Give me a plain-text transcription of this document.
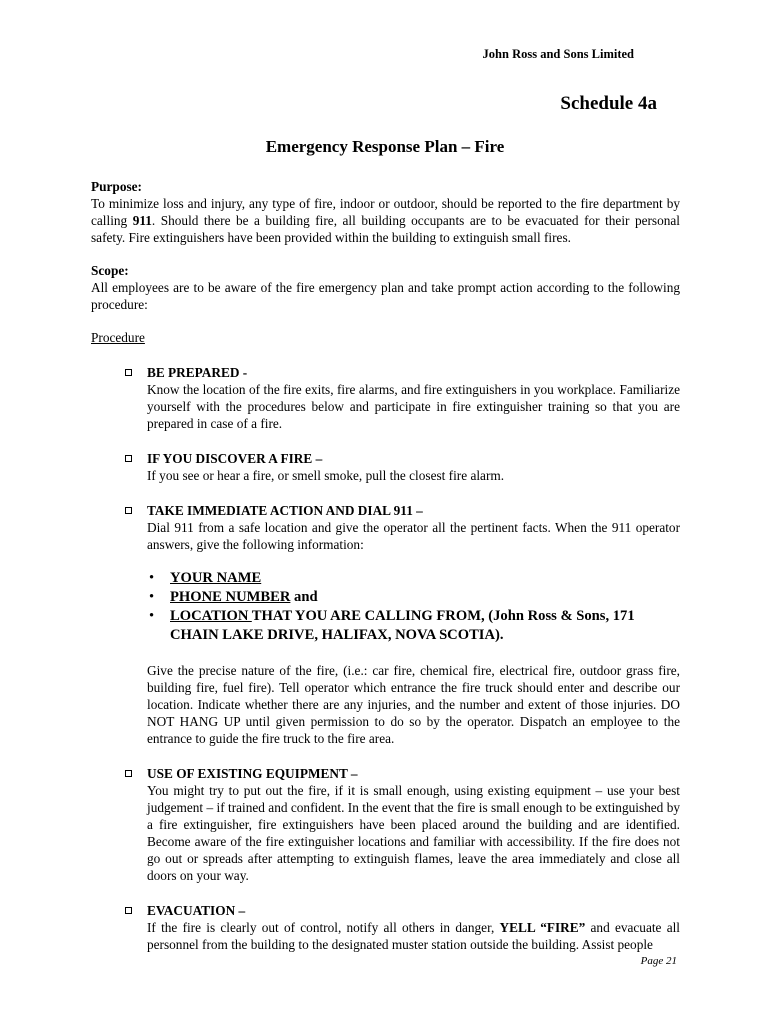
John Ross and Sons Limited
Schedule 4a
Emergency Response Plan – Fire
Purpose:

To minimize loss and injury, any type of fire, indoor or outdoor, should be reported to the fire department by calling 911. Should there be a building fire, all building occupants are to be evacuated for their personal safety. Fire extinguishers have been provided within the building to extinguish small fires.

Scope:

All employees are to be aware of the fire emergency plan and take prompt action according to the following procedure:

Procedure
BE PREPARED -
Know the location of the fire exits, fire alarms, and fire extinguishers in you workplace. Familiarize yourself with the procedures below and participate in fire extinguisher training so that you are prepared in case of a fire.
IF YOU DISCOVER A FIRE –
If you see or hear a fire, or smell smoke, pull the closest fire alarm.
TAKE IMMEDIATE ACTION AND DIAL 911 –
Dial 911 from a safe location and give the operator all the pertinent facts. When the 911 operator answers, give the following information:
• YOUR NAME
• PHONE NUMBER and
• LOCATION THAT YOU ARE CALLING FROM, (John Ross & Sons, 171 CHAIN LAKE DRIVE, HALIFAX, NOVA SCOTIA).
Give the precise nature of the fire, (i.e.: car fire, chemical fire, electrical fire, outdoor grass fire, building fire, fuel fire). Tell operator which entrance the fire truck should enter and describe our location. Indicate whether there are any injuries, and the number and extent of those injuries. DO NOT HANG UP until given permission to do so by the operator. Dispatch an employee to the entrance to guide the fire truck to the fire area.
USE OF EXISTING EQUIPMENT –
You might try to put out the fire, if it is small enough, using existing equipment – use your best judgement – if trained and confident. In the event that the fire is small enough to be extinguished by a fire extinguisher, fire extinguishers have been placed around the building and are identified. Become aware of the fire extinguisher locations and familiar with accessibility. If the fire does not go out or spreads after attempting to extinguish flames, leave the area immediately and close all doors on your way.
EVACUATION –
If the fire is clearly out of control, notify all others in danger, YELL “FIRE” and evacuate all personnel from the building to the designated muster station outside the building. Assist people
Page 21
